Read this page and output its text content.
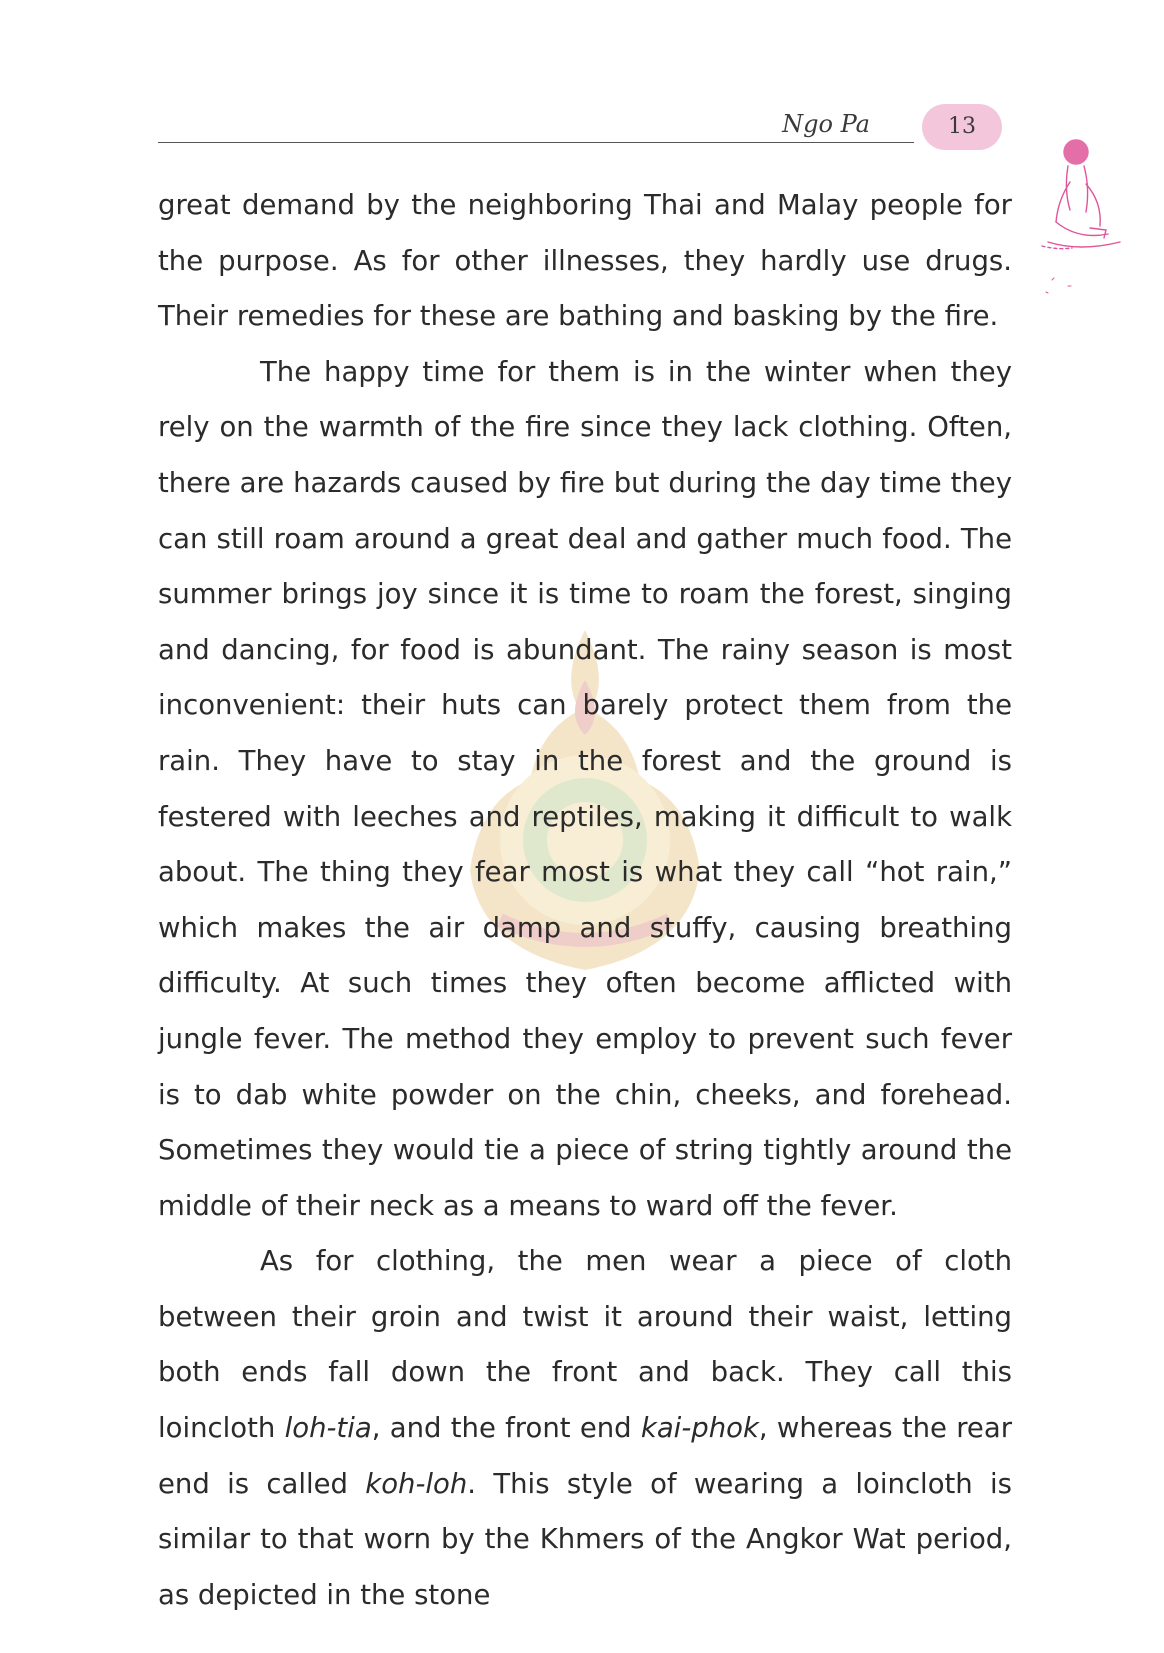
Ngo Pa	13

great demand by the neighboring Thai and Malay people for the purpose. As for other illnesses, they hardly use drugs. Their remedies for these are bathing and basking by the fire.

The happy time for them is in the winter when they rely on the warmth of the fire since they lack clothing. Often, there are hazards caused by fire but during the day time they can still roam around a great deal and gather much food. The summer brings joy since it is time to roam the forest, singing and dancing, for food is abundant. The rainy season is most inconvenient: their huts can barely protect them from the rain. They have to stay in the forest and the ground is festered with leeches and reptiles, making it difficult to walk about. The thing they fear most is what they call “hot rain,” which makes the air damp and stuffy, causing breathing difficulty. At such times they often become afflicted with jungle fever. The method they employ to prevent such fever is to dab white powder on the chin, cheeks, and forehead. Sometimes they would tie a piece of string tightly around the middle of their neck as a means to ward off the fever.

As for clothing, the men wear a piece of cloth between their groin and twist it around their waist, letting both ends fall down the front and back. They call this loincloth loh-tia, and the front end kai-phok, whereas the rear end is called koh-loh. This style of wearing a loincloth is similar to that worn by the Khmers of the Angkor Wat period, as depicted in the stone
